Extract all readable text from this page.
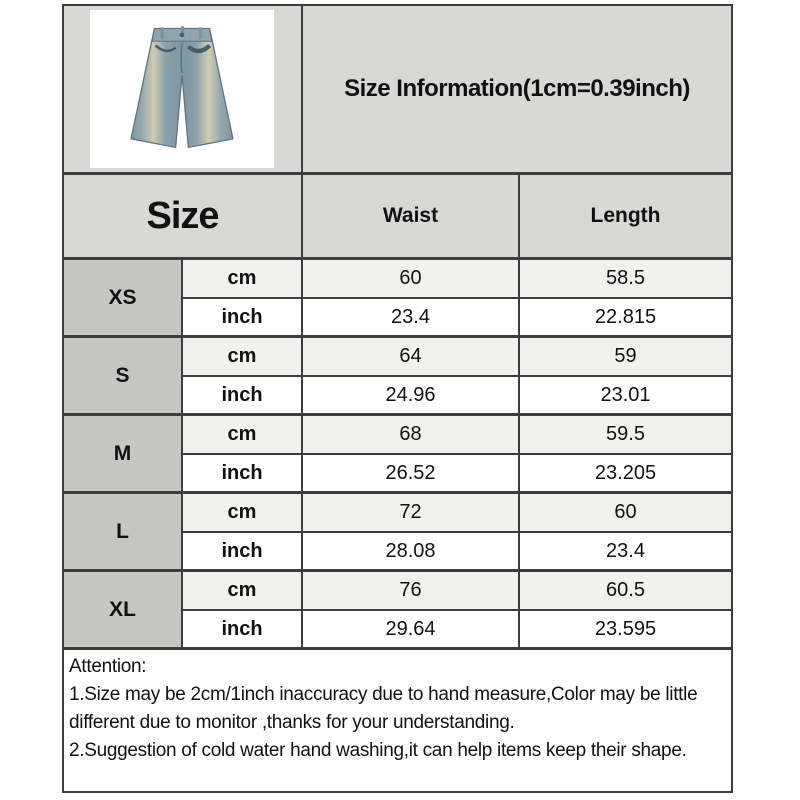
Size Information(1cm=0.39inch)
Size	Waist	Length
XS
cm	60	58.5
inch	23.4	22.815
S
cm	64	59
inch	24.96	23.01
M
cm	68	59.5
inch	26.52	23.205
L
cm	72	60
inch	28.08	23.4
XL
cm	76	60.5
inch	29.64	23.595
Attention:
1.Size may be 2cm/1inch inaccuracy due to hand measure,Color may be little
different due to monitor ,thanks for your understanding.
2.Suggestion of cold water hand washing,it can help items keep their shape.
